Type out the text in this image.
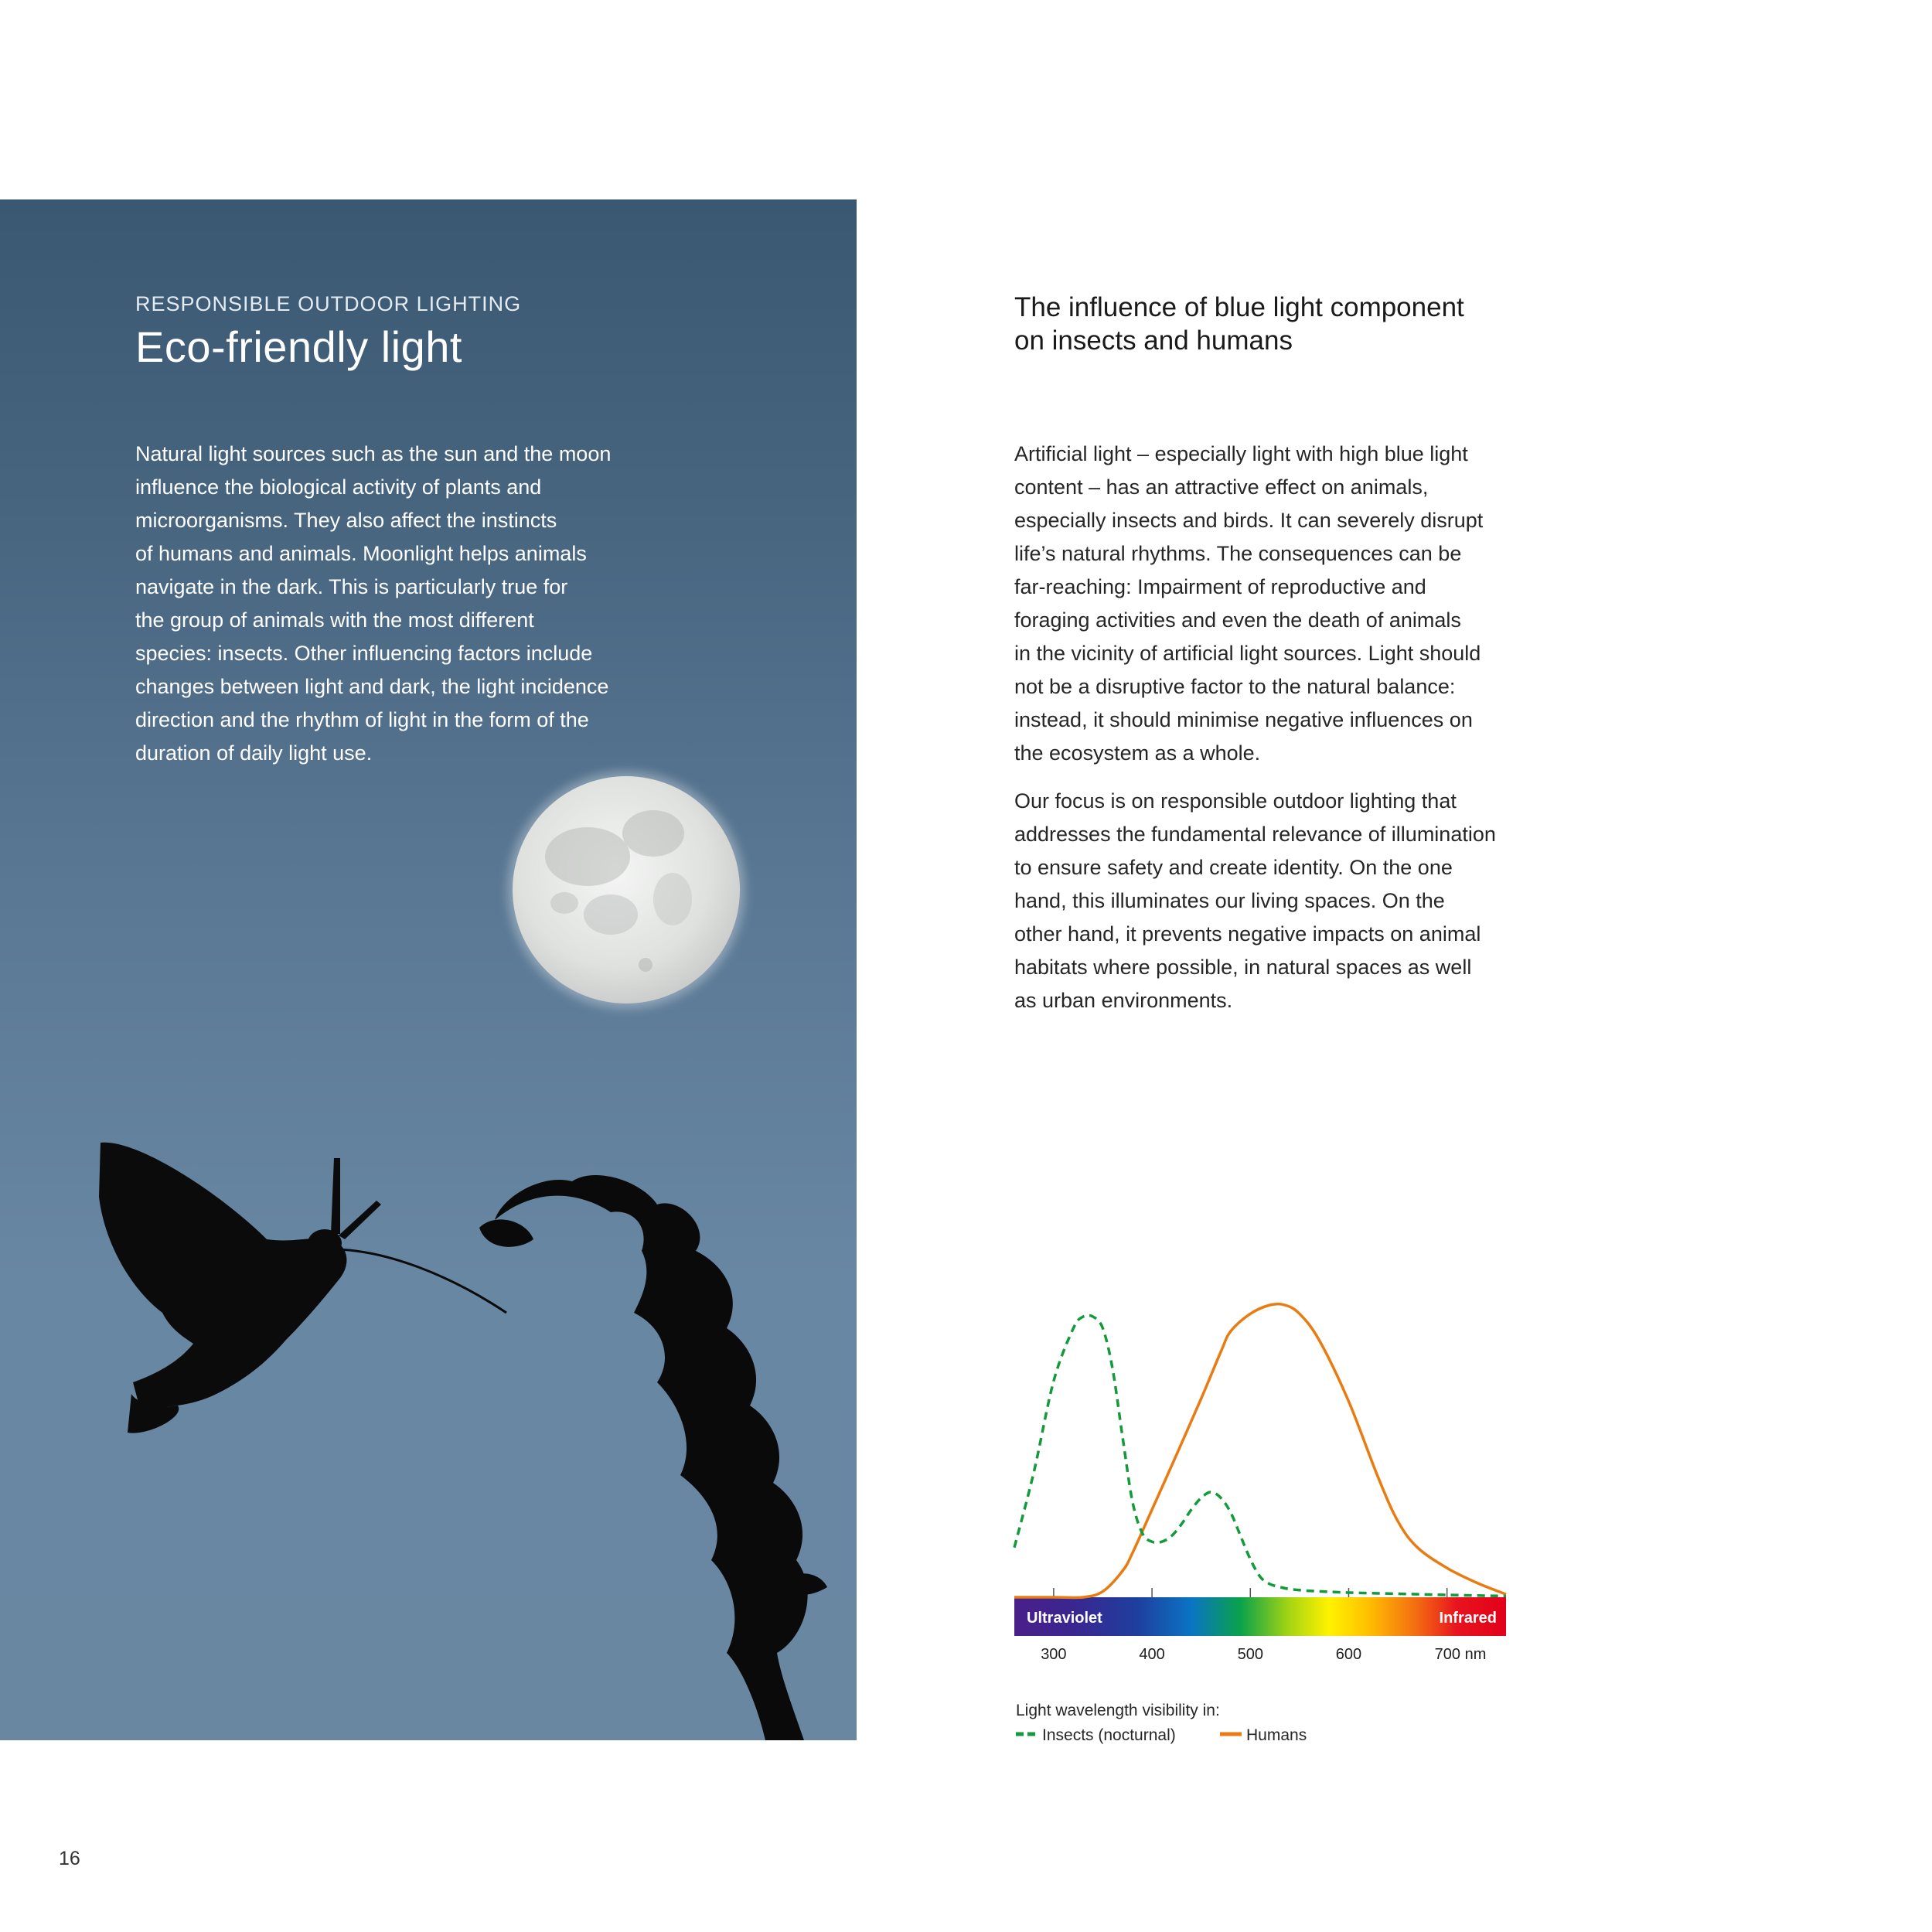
RESPONSIBLE OUTDOOR LIGHTING
Eco-friendly light

Natural light sources such as the sun and the moon

influence the biological activity of plants and

microorganisms. They also affect the instincts

of humans and animals. Moonlight helps animals

navigate in the dark. This is particularly true for

the group of animals with the most different

species: insects. Other influencing factors include

changes between light and dark, the light incidence

direction and the rhythm of light in the form of the

duration of daily light use.

The influence of blue light component
on insects and humans

Artificial light – especially light with high blue light
content – has an attractive effect on animals,
especially insects and birds. It can severely disrupt
life’s natural rhythms. The consequences can be
far-reaching: Impairment of reproductive and
foraging activities and even the death of animals
in the vicinity of artificial light sources. Light should
not be a disruptive factor to the natural balance:
instead, it should minimise negative influences on
the ecosystem as a whole.

Our focus is on responsible outdoor lighting that
addresses the fundamental relevance of illumination
to ensure safety and create identity. On the one
hand, this illuminates our living spaces. On the
other hand, it prevents negative impacts on animal
habitats where possible, in natural spaces as well
as urban environments.

Ultraviolet	Infrared
300	400	500	600	700 nm
Light wavelength visibility in:
Insects (nocturnal)	Humans
16
